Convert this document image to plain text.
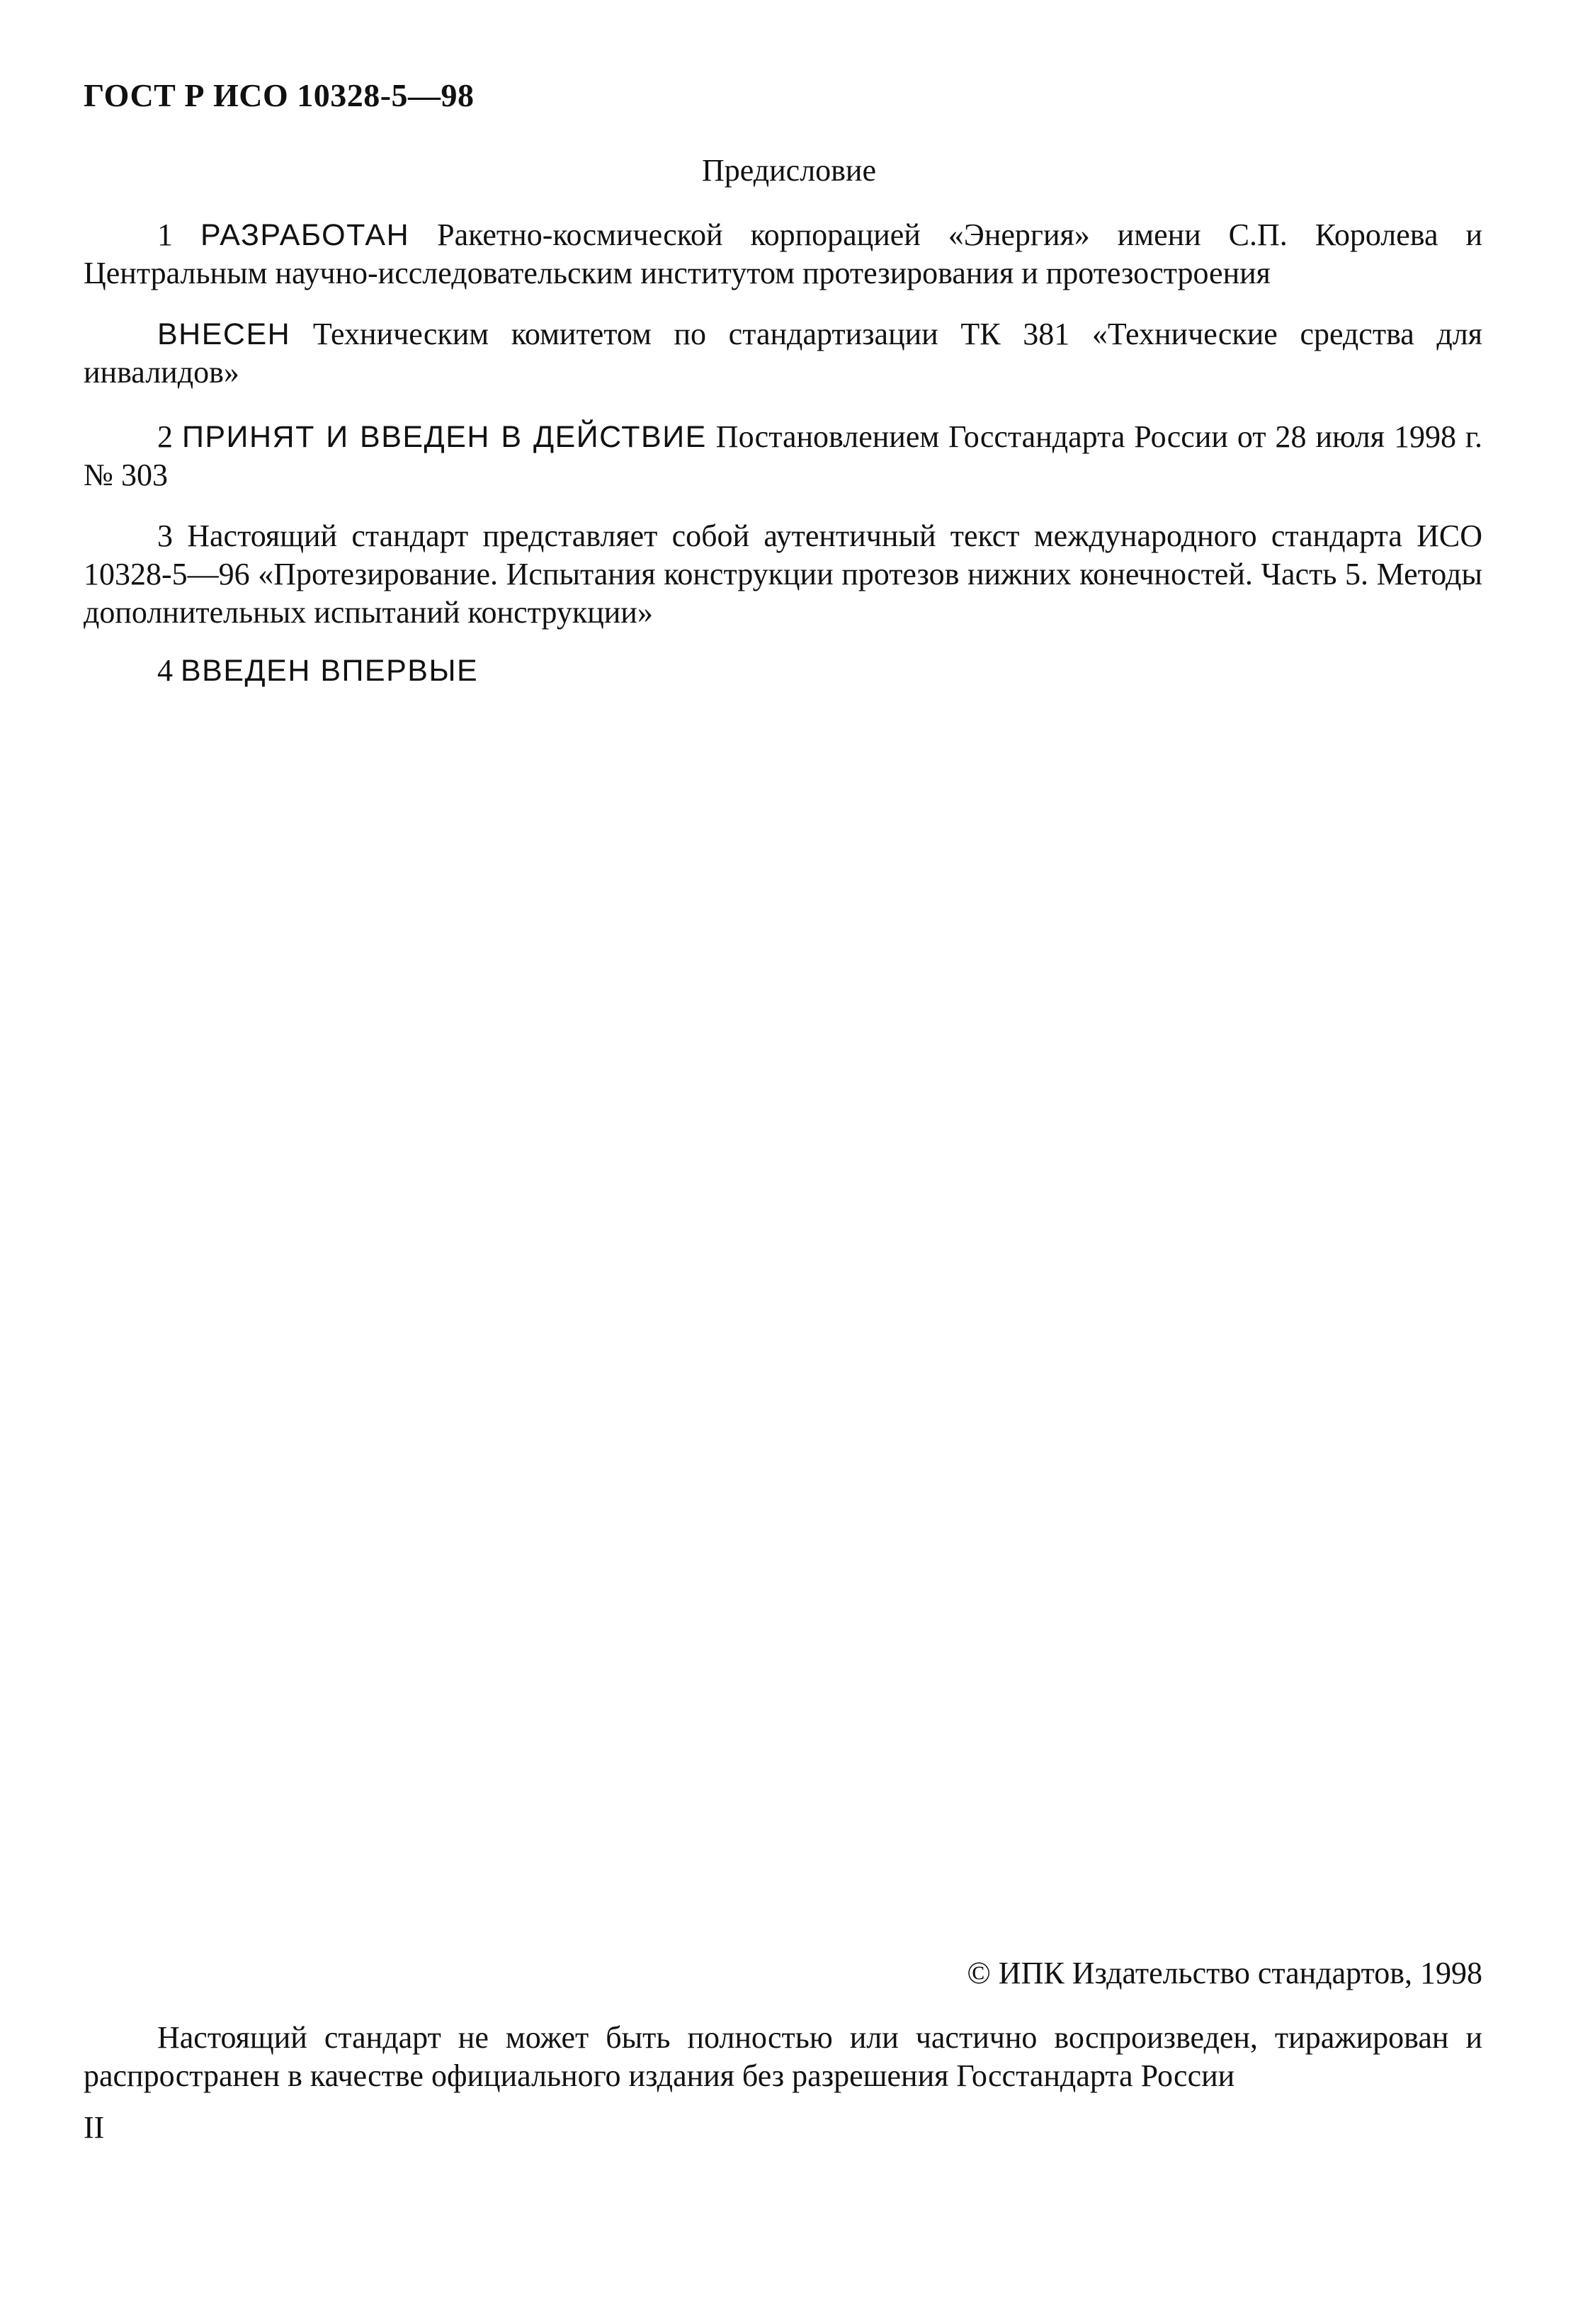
ГОСТ Р ИСО 10328-5—98
Предисловие

1 РАЗРАБОТАН Ракетно-космической корпорацией «Энергия» имени С.П. Королева и Центральным научно-исследовательским институтом протезирования и протезостроения

ВНЕСЕН Техническим комитетом по стандартизации ТК 381 «Технические средства для инвалидов»

2 ПРИНЯТ И ВВЕДЕН В ДЕЙСТВИЕ Постановлением Госстандарта России от 28 июля 1998 г. № 303

3 Настоящий стандарт представляет собой аутентичный текст международного стандарта ИСО 10328-5—96 «Протезирование. Испытания конструкции протезов нижних конечностей. Часть 5. Методы дополнительных испытаний конструкции»

4 ВВЕДЕН ВПЕРВЫЕ

© ИПК Издательство стандартов, 1998

Настоящий стандарт не может быть полностью или частично воспроизведен, тиражирован и распространен в качестве официального издания без разрешения Госстандарта России

II
